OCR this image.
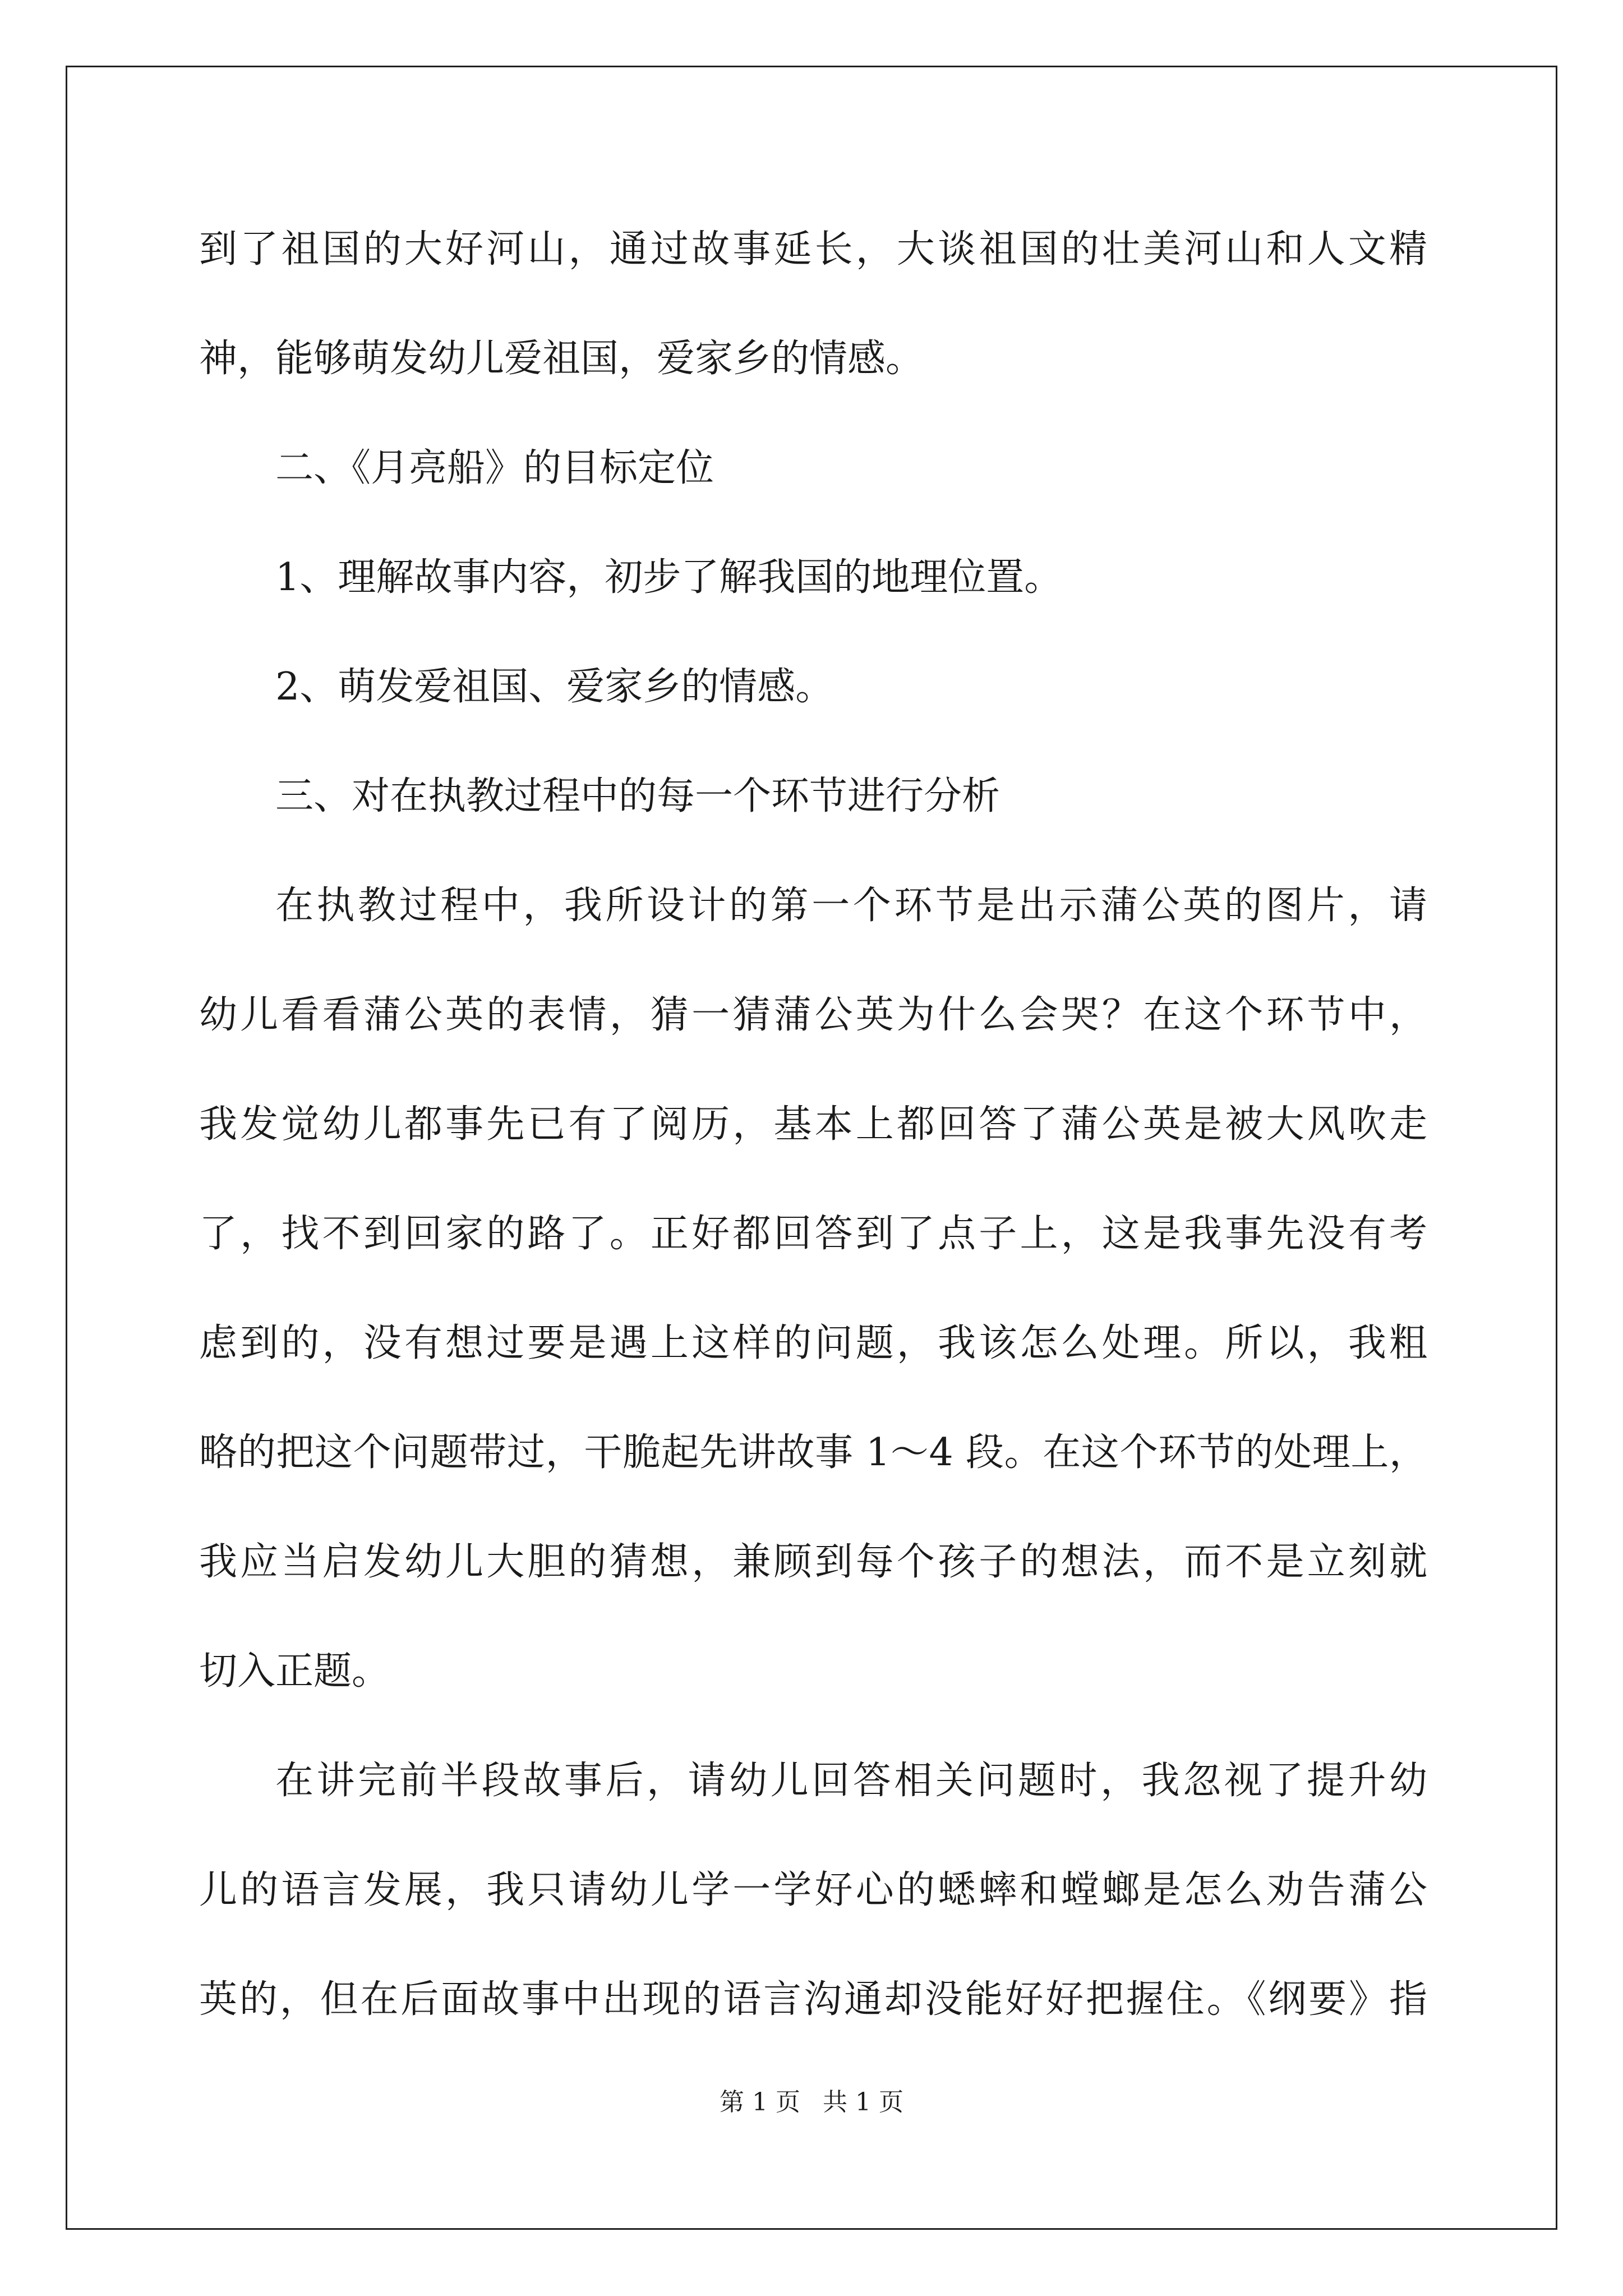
到了祖国的大好河山，通过故事延长，大谈祖国的壮美河山和人文精
神，能够萌发幼儿爱祖国，爱家乡的情感。
二、《月亮船》的目标定位
1、理解故事内容，初步了解我国的地理位置。
2、萌发爱祖国、爱家乡的情感。
三、对在执教过程中的每一个环节进行分析
在执教过程中，我所设计的第一个环节是出示蒲公英的图片，请
幼儿看看蒲公英的表情，猜一猜蒲公英为什么会哭？在这个环节中，
我发觉幼儿都事先已有了阅历，基本上都回答了蒲公英是被大风吹走
了，找不到回家的路了。正好都回答到了点子上，这是我事先没有考
虑到的，没有想过要是遇上这样的问题，我该怎么处理。所以，我粗
略的把这个问题带过，干脆起先讲故事 1～4 段。在这个环节的处理上，
我应当启发幼儿大胆的猜想，兼顾到每个孩子的想法，而不是立刻就
切入正题。
在讲完前半段故事后，请幼儿回答相关问题时，我忽视了提升幼
儿的语言发展，我只请幼儿学一学好心的蟋蟀和螳螂是怎么劝告蒲公
英的，但在后面故事中出现的语言沟通却没能好好把握住。《纲要》指
第 1 页 共 1 页
